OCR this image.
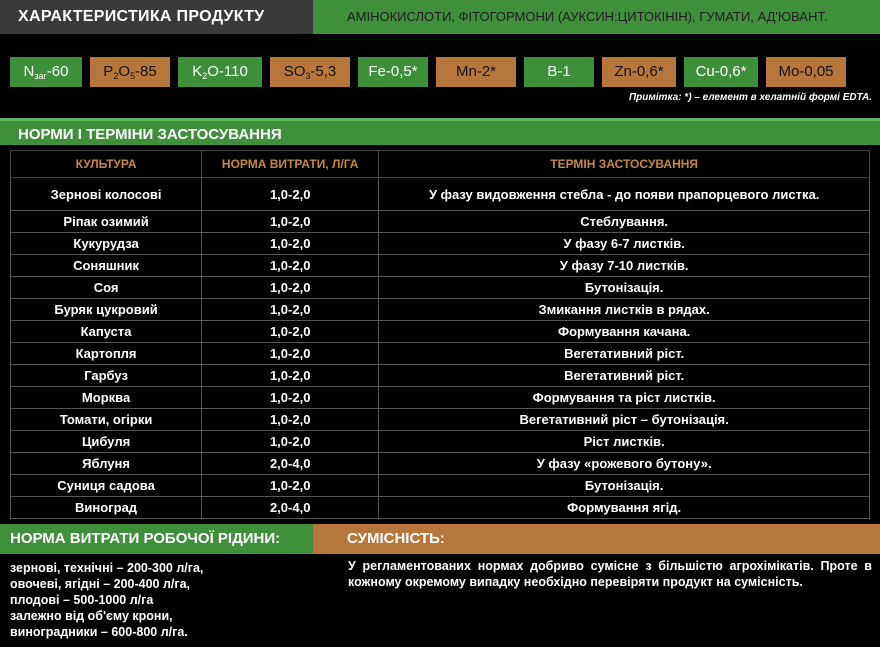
ХАРАКТЕРИСТИКА ПРОДУКТУ	АМІНОКИСЛОТИ, ФІТОГОРМОНИ (АУКСИН:ЦИТОКІНІН), ГУМАТИ, АД'ЮВАНТ.
$N_{заг}-60$	$P_2O_5-85$	$K_2O-110$	$SO_3-5,3$	Fe-0,5*	Mn-2*	B-1	Zn-0,6*	Cu-0,6*	Mo-0,05
Примітка: *) – елемент в хелатній формі EDTA.
НОРМИ І ТЕРМІНИ ЗАСТОСУВАННЯ
КУЛЬТУРА	НОРМА ВИТРАТИ, Л/ГА	ТЕРМІН ЗАСТОСУВАННЯ
Зернові колосові	1,0-2,0	У фазу видовження стебла - до появи прапорцевого листка.
Ріпак озимий	1,0-2,0	Стеблування.
Кукурудза	1,0-2,0	У фазу 6-7 листків.
Соняшник	1,0-2,0	У фазу 7-10 листків.
Соя	1,0-2,0	Бутонізація.
Буряк цукровий	1,0-2,0	Змикання листків в рядах.
Капуста	1,0-2,0	Формування качана.
Картопля	1,0-2,0	Вегетативний ріст.
Гарбуз	1,0-2,0	Вегетативний ріст.
Морква	1,0-2,0	Формування та ріст листків.
Томати, огірки	1,0-2,0	Вегетативний ріст – бутонізація.
Цибуля	1,0-2,0	Ріст листків.
Яблуня	2,0-4,0	У фазу «рожевого бутону».
Суниця садова	1,0-2,0	Бутонізація.
Виноград	2,0-4,0	Формування ягід.
НОРМА ВИТРАТИ РОБОЧОЇ РІДИНИ:	СУМІСНІСТЬ:
зернові, технічні – 200-300 л/га,
овочеві, ягідні – 200-400 л/га,
плодові – 500-1000 л/га
залежно від об'єму крони,
виноградники – 600-800 л/га.
У регламентованих нормах добриво сумісне з більшістю агрохімікатів. Проте в кожному окремому випадку необхідно перевіряти продукт на сумісність.
